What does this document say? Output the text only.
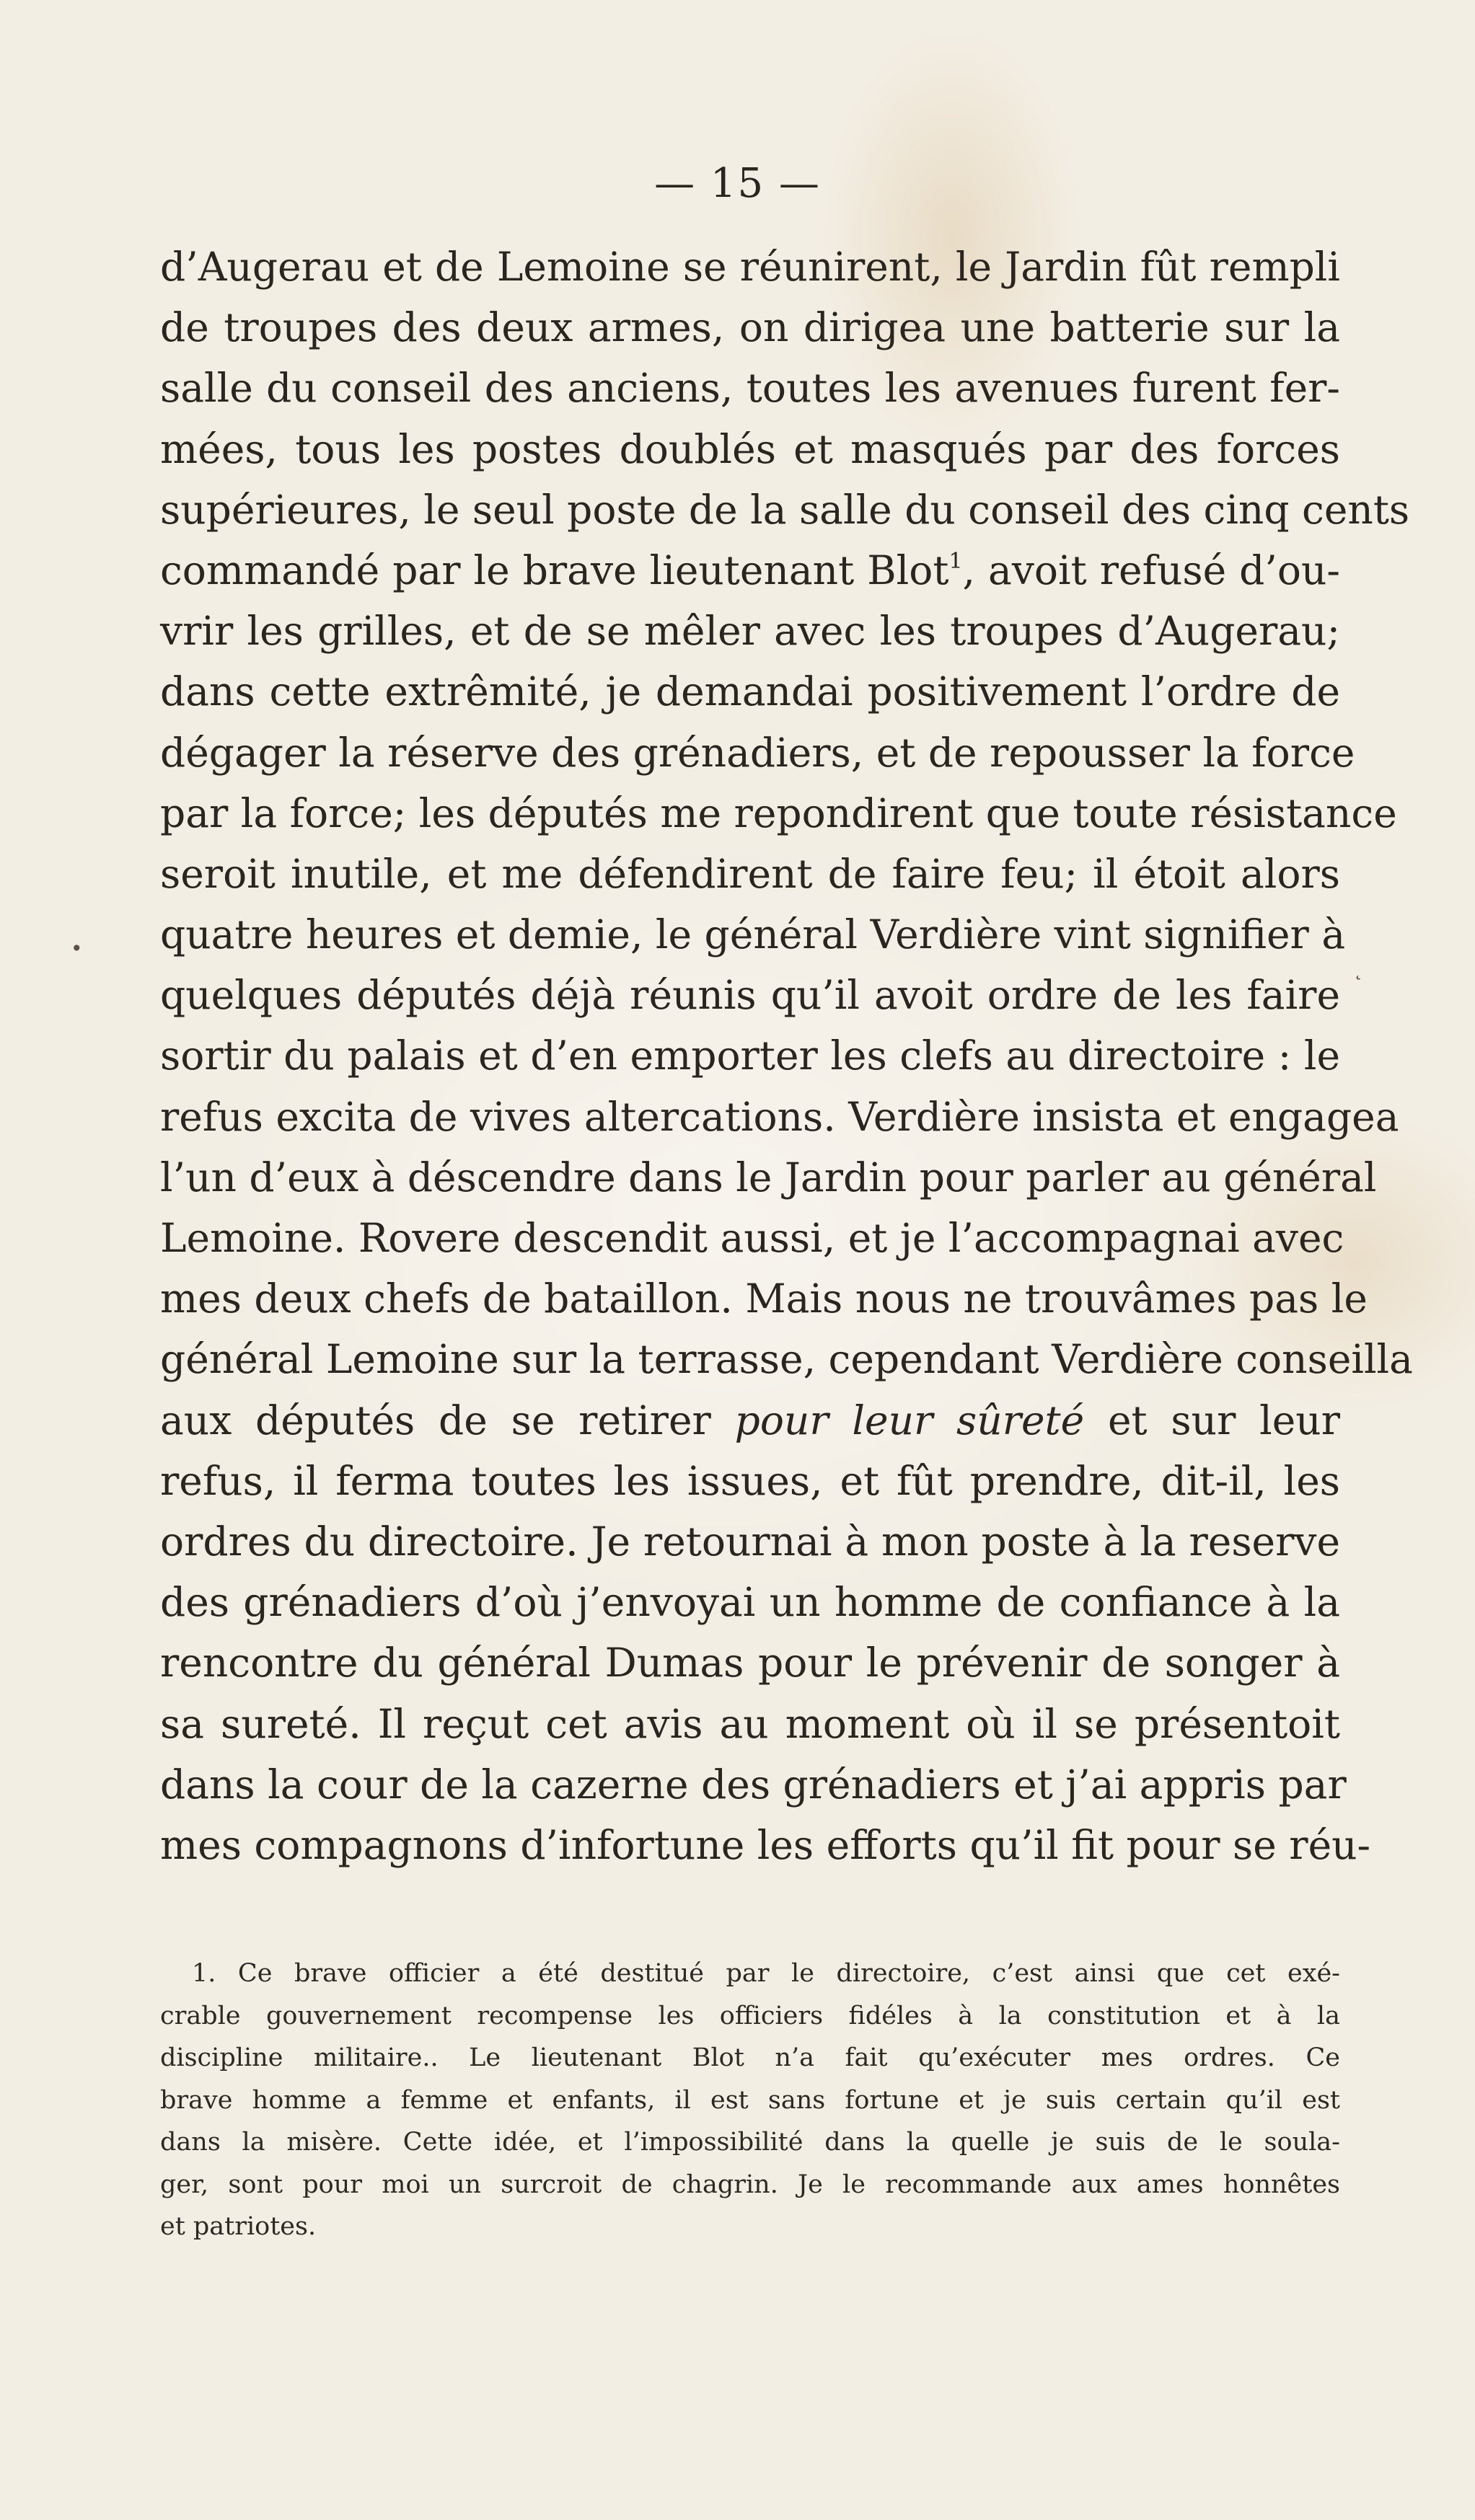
— 15 —
•
˛
d’Augerau et de Lemoine se réunirent, le Jardin fût rempli
de troupes des deux armes, on dirigea une batterie sur la
salle du conseil des anciens, toutes les avenues furent fer-
mées, tous les postes doublés et masqués par des forces
supérieures, le seul poste de la salle du conseil des cinq cents
commandé par le brave lieutenant Blot$^1$, avoit refusé d’ou-
vrir les grilles, et de se mêler avec les troupes d’Augerau;
dans cette extrêmité, je demandai positivement l’ordre de
dégager la réserve des grénadiers, et de repousser la force
par la force; les députés me repondirent que toute résistance
seroit inutile, et me défendirent de faire feu; il étoit alors
quatre heures et demie, le général Verdière vint signifier à
quelques députés déjà réunis qu’il avoit ordre de les faire
sortir du palais et d’en emporter les clefs au directoire : le
refus excita de vives altercations. Verdière insista et engagea
l’un d’eux à déscendre dans le Jardin pour parler au général
Lemoine. Rovere descendit aussi, et je l’accompagnai avec
mes deux chefs de bataillon. Mais nous ne trouvâmes pas le
général Lemoine sur la terrasse, cependant Verdière conseilla
aux députés de se retirer pour leur sûreté et sur leur
refus, il ferma toutes les issues, et fût prendre, dit-il, les
ordres du directoire. Je retournai à mon poste à la reserve
des grénadiers d’où j’envoyai un homme de confiance à la
rencontre du général Dumas pour le prévenir de songer à
sa sureté. Il reçut cet avis au moment où il se présentoit
dans la cour de la cazerne des grénadiers et j’ai appris par
mes compagnons d’infortune les efforts qu’il fit pour se réu-
1. Ce brave officier a été destitué par le directoire, c’est ainsi que cet exé-
crable gouvernement recompense les officiers fidéles à la constitution et à la
discipline militaire.. Le lieutenant Blot n’a fait qu’exécuter mes ordres. Ce
brave homme a femme et enfants, il est sans fortune et je suis certain qu’il est
dans la misère. Cette idée, et l’impossibilité dans la quelle je suis de le soula-
ger, sont pour moi un surcroit de chagrin. Je le recommande aux ames honnêtes
et patriotes.
